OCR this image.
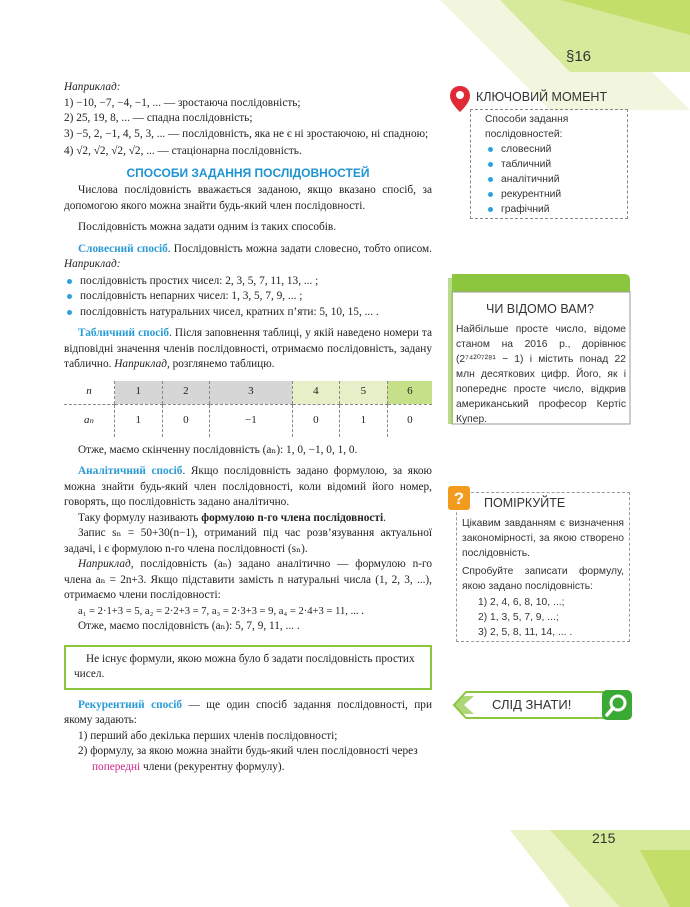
§16
215

Наприклад:

1) −10, −7, −4, −1, ... — зростаюча послідовність;

2) 25, 19, 8, ... — спадна послідовність;

3) −5, 2, −1, 4, 5, 3, ... — послідовність, яка не є ні зростаючою, ні спадною;

4) √2, √2, √2, √2, ... — стаціонарна послідовність.

СПОСОБИ ЗАДАННЯ ПОСЛІДОВНОСТЕЙ

Числова послідовність вважається заданою, якщо вказано спосіб, за допомогою якого можна знайти будь-який член послідовності.

Послідовність можна задати одним із таких способів.

Словесний спосіб. Послідовність можна задати словесно, тобто описом. Наприклад:

послідовність простих чисел: 2, 3, 5, 7, 11, 13, ... ;
послідовність непарних чисел: 1, 3, 5, 7, 9, ... ;
послідовність натуральних чисел, кратних п’яти: 5, 10, 15, ... .

Табличний спосіб. Після заповнення таблиці, у якій наведено номери та відповідні значення членів послідовності, отримаємо послідовність, задану таблично. Наприклад, розглянемо таблицю.

n	1	2	3	4	5	6
aₙ	1	0	−1	0	1	0

Отже, маємо скінченну послідовність (aₙ): 1, 0, −1, 0, 1, 0.

Аналітичний спосіб. Якщо послідовність задано формулою, за якою можна знайти будь-який член послідовності, коли відомий його номер, говорять, що послідовність задано аналітично.

Таку формулу називають формулою n-го члена послідовності.

Запис sₙ = 50+30(n−1), отриманий під час розв’язування актуальної задачі, і є формулою n-го члена послідовності (sₙ).

Наприклад, послідовність (aₙ) задано аналітично — формулою n-го члена aₙ = 2n+3. Якщо підставити замість n натуральні числа (1, 2, 3, ...), отримаємо члени послідовності:

a₁ = 2·1+3 = 5, a₂ = 2·2+3 = 7, a₃ = 2·3+3 = 9, a₄ = 2·4+3 = 11, ... .

Отже, маємо послідовність (aₙ): 5, 7, 9, 11, ... .

Не існує формули, якою можна було б задати послідовність простих чисел.

Рекурентний спосіб — ще один спосіб задання послідовності, при якому задають:

1) перший або декілька перших членів послідовності;

2) формулу, за якою можна знайти будь-який член послідовності через попередні члени (рекурентну формулу).

КЛЮЧОВИЙ МОМЕНТ
Способи задання послідовностей:
словесний
табличний
аналітичний
рекурентний
графічний
ЧИ ВІДОМО ВАМ?
Найбільше просте число, відоме станом на 2016 р., дорівнює (2⁷⁴²⁰⁷²⁸¹ − 1) і містить понад 22 млн десяткових цифр. Його, як і попереднє просте число, відкрив американський професор Кертіс Купер.
? ПОМІРКУЙТЕ
Цікавим завданням є визначення закономірності, за якою створено послідовність.
Спробуйте записати формулу, якою задано послідовність:
1) 2, 4, 6, 8, 10, ...;
2) 1, 3, 5, 7, 9, ...;
3) 2, 5, 8, 11, 14, ... .
СЛІД ЗНАТИ!
